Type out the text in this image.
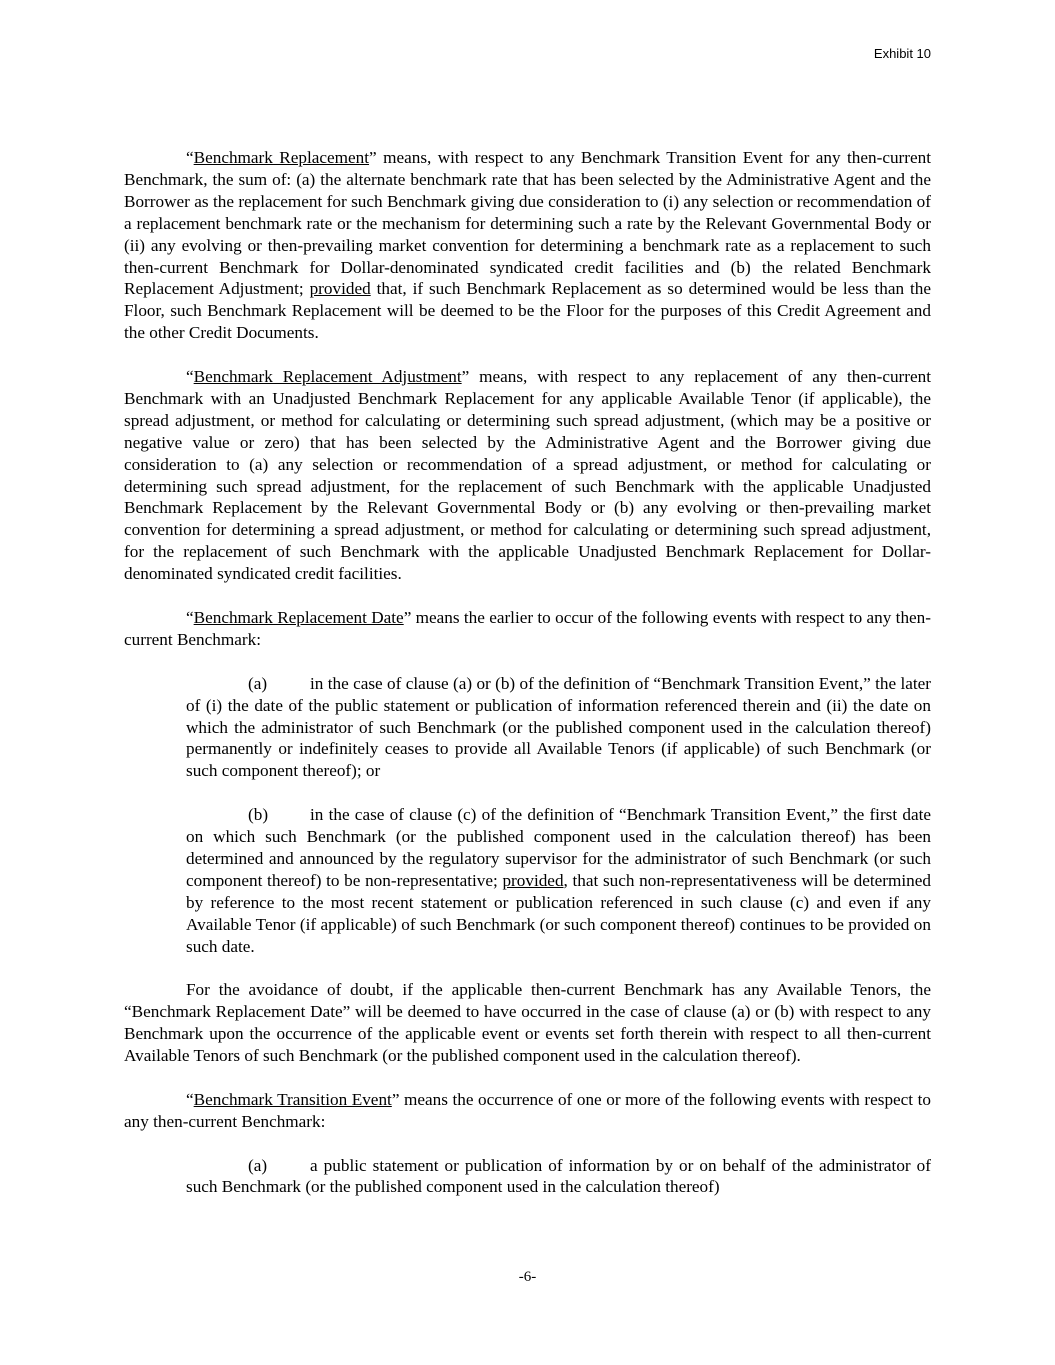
Exhibit 10

“Benchmark Replacement” means, with respect to any Benchmark Transition Event for any then-current Benchmark, the sum of: (a) the alternate benchmark rate that has been selected by the Administrative Agent and the Borrower as the replacement for such Benchmark giving due consideration to (i) any selection or recommendation of a replacement benchmark rate or the mechanism for determining such a rate by the Relevant Governmental Body or (ii) any evolving or then-prevailing market convention for determining a benchmark rate as a replacement to such then-current Benchmark for Dollar-denominated syndicated credit facilities and (b) the related Benchmark Replacement Adjustment; provided that, if such Benchmark Replacement as so determined would be less than the Floor, such Benchmark Replacement will be deemed to be the Floor for the purposes of this Credit Agreement and the other Credit Documents.

“Benchmark Replacement Adjustment” means, with respect to any replacement of any then-current Benchmark with an Unadjusted Benchmark Replacement for any applicable Available Tenor (if applicable), the spread adjustment, or method for calculating or determining such spread adjustment, (which may be a positive or negative value or zero) that has been selected by the Administrative Agent and the Borrower giving due consideration to (a) any selection or recommendation of a spread adjustment, or method for calculating or determining such spread adjustment, for the replacement of such Benchmark with the applicable Unadjusted Benchmark Replacement by the Relevant Governmental Body or (b) any evolving or then-prevailing market convention for determining a spread adjustment, or method for calculating or determining such spread adjustment, for the replacement of such Benchmark with the applicable Unadjusted Benchmark Replacement for Dollar-denominated syndicated credit facilities.

“Benchmark Replacement Date” means the earlier to occur of the following events with respect to any then-current Benchmark:

(a) in the case of clause (a) or (b) of the definition of “Benchmark Transition Event,” the later of (i) the date of the public statement or publication of information referenced therein and (ii) the date on which the administrator of such Benchmark (or the published component used in the calculation thereof) permanently or indefinitely ceases to provide all Available Tenors (if applicable) of such Benchmark (or such component thereof); or

(b) in the case of clause (c) of the definition of “Benchmark Transition Event,” the first date on which such Benchmark (or the published component used in the calculation thereof) has been determined and announced by the regulatory supervisor for the administrator of such Benchmark (or such component thereof) to be non-representative; provided, that such non-representativeness will be determined by reference to the most recent statement or publication referenced in such clause (c) and even if any Available Tenor (if applicable) of such Benchmark (or such component thereof) continues to be provided on such date.

For the avoidance of doubt, if the applicable then-current Benchmark has any Available Tenors, the “Benchmark Replacement Date” will be deemed to have occurred in the case of clause (a) or (b) with respect to any Benchmark upon the occurrence of the applicable event or events set forth therein with respect to all then-current Available Tenors of such Benchmark (or the published component used in the calculation thereof).

“Benchmark Transition Event” means the occurrence of one or more of the following events with respect to any then-current Benchmark:

(a) a public statement or publication of information by or on behalf of the administrator of such Benchmark (or the published component used in the calculation thereof)

-6-
